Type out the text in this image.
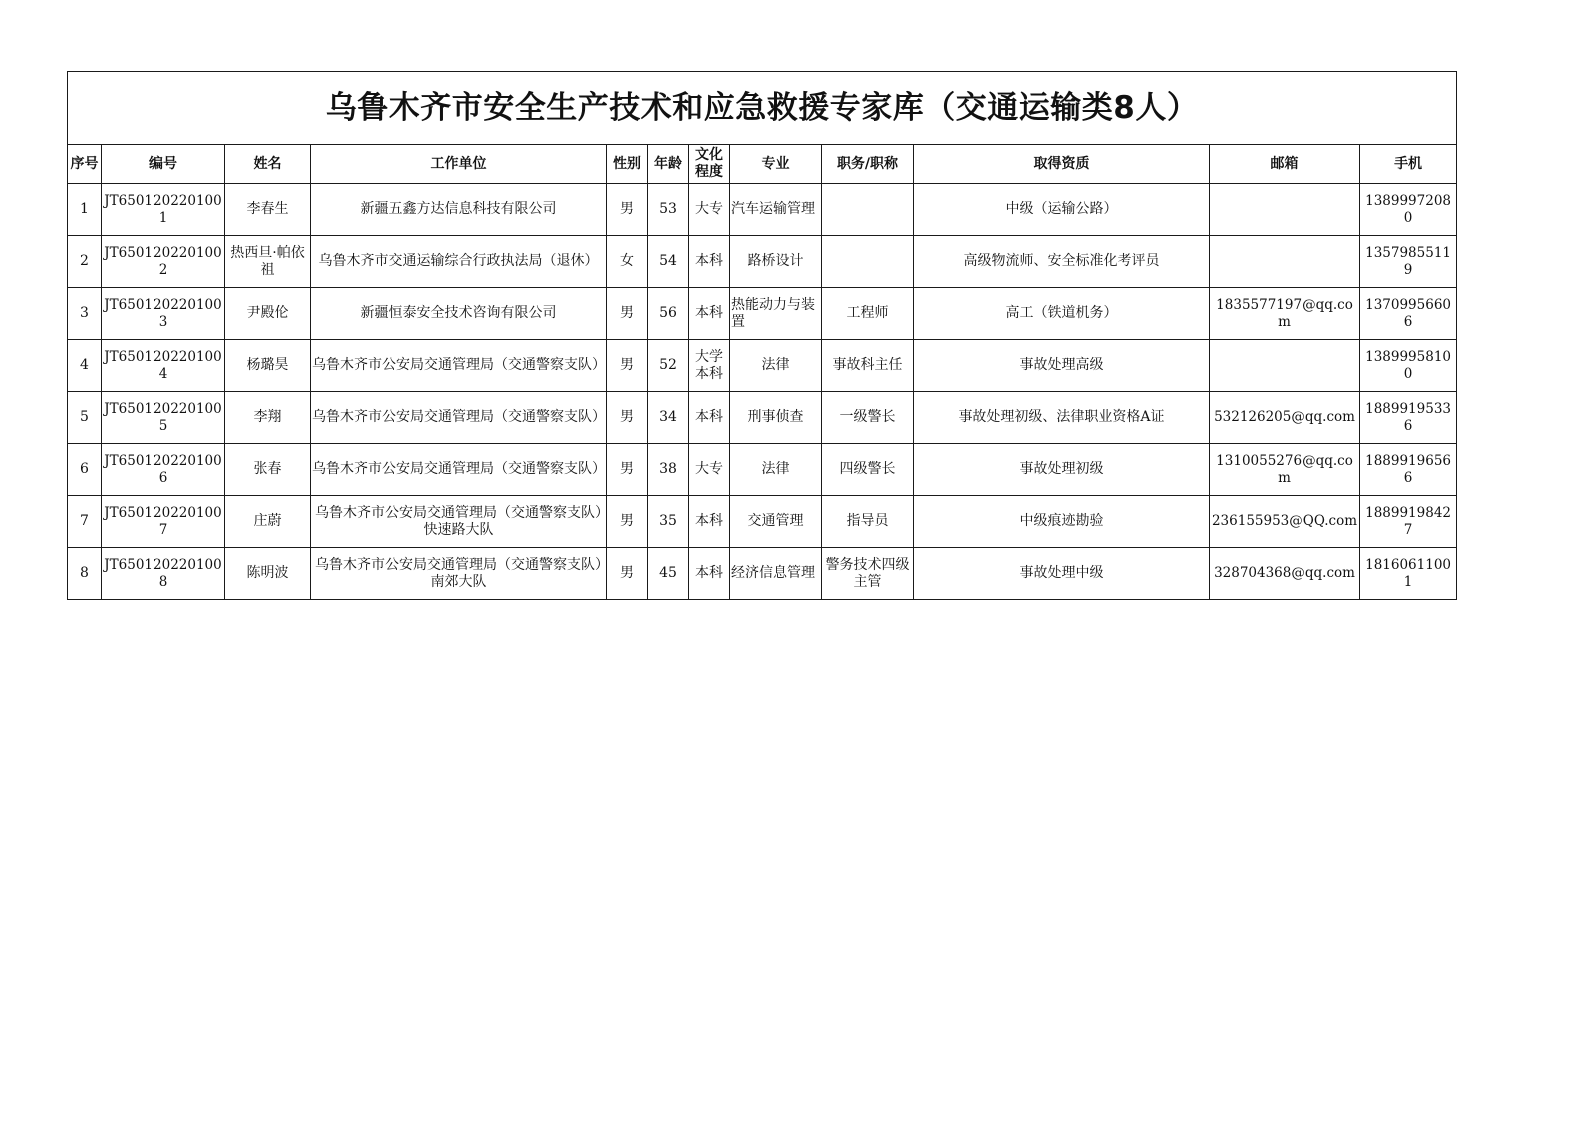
乌鲁木齐市安全生产技术和应急救援专家库（交通运输类8人）											
序号	编号	姓名	工作单位	性别	年龄	文化程度	专业	职务/职称	取得资质	邮箱	手机
1	JT6501202201001	李春生	新疆五鑫方达信息科技有限公司	男	53	大专	汽车运输管理		中级（运输公路）		13899972080
2	JT6501202201002	热西旦·帕依祖	乌鲁木齐市交通运输综合行政执法局（退休）	女	54	本科	路桥设计		高级物流师、安全标准化考评员		13579855119
3	JT6501202201003	尹殿伦	新疆恒泰安全技术咨询有限公司	男	56	本科	热能动力与装置	工程师	高工（铁道机务）	1835577197@qq.com	13709956606
4	JT6501202201004	杨璐昊	乌鲁木齐市公安局交通管理局（交通警察支队）	男	52	大学本科	法律	事故科主任	事故处理高级		13899958100
5	JT6501202201005	李翔	乌鲁木齐市公安局交通管理局（交通警察支队）	男	34	本科	刑事侦查	一级警长	事故处理初级、法律职业资格A证	532126205@qq.com	18899195336
6	JT6501202201006	张春	乌鲁木齐市公安局交通管理局（交通警察支队）	男	38	大专	法律	四级警长	事故处理初级	1310055276@qq.com	18899196566
7	JT6501202201007	庄蔚	乌鲁木齐市公安局交通管理局（交通警察支队）快速路大队	男	35	本科	交通管理	指导员	中级痕迹勘验	236155953@QQ.com	18899198427
8	JT6501202201008	陈明波	乌鲁木齐市公安局交通管理局（交通警察支队）南郊大队	男	45	本科	经济信息管理	警务技术四级主管	事故处理中级	328704368@qq.com	18160611001
